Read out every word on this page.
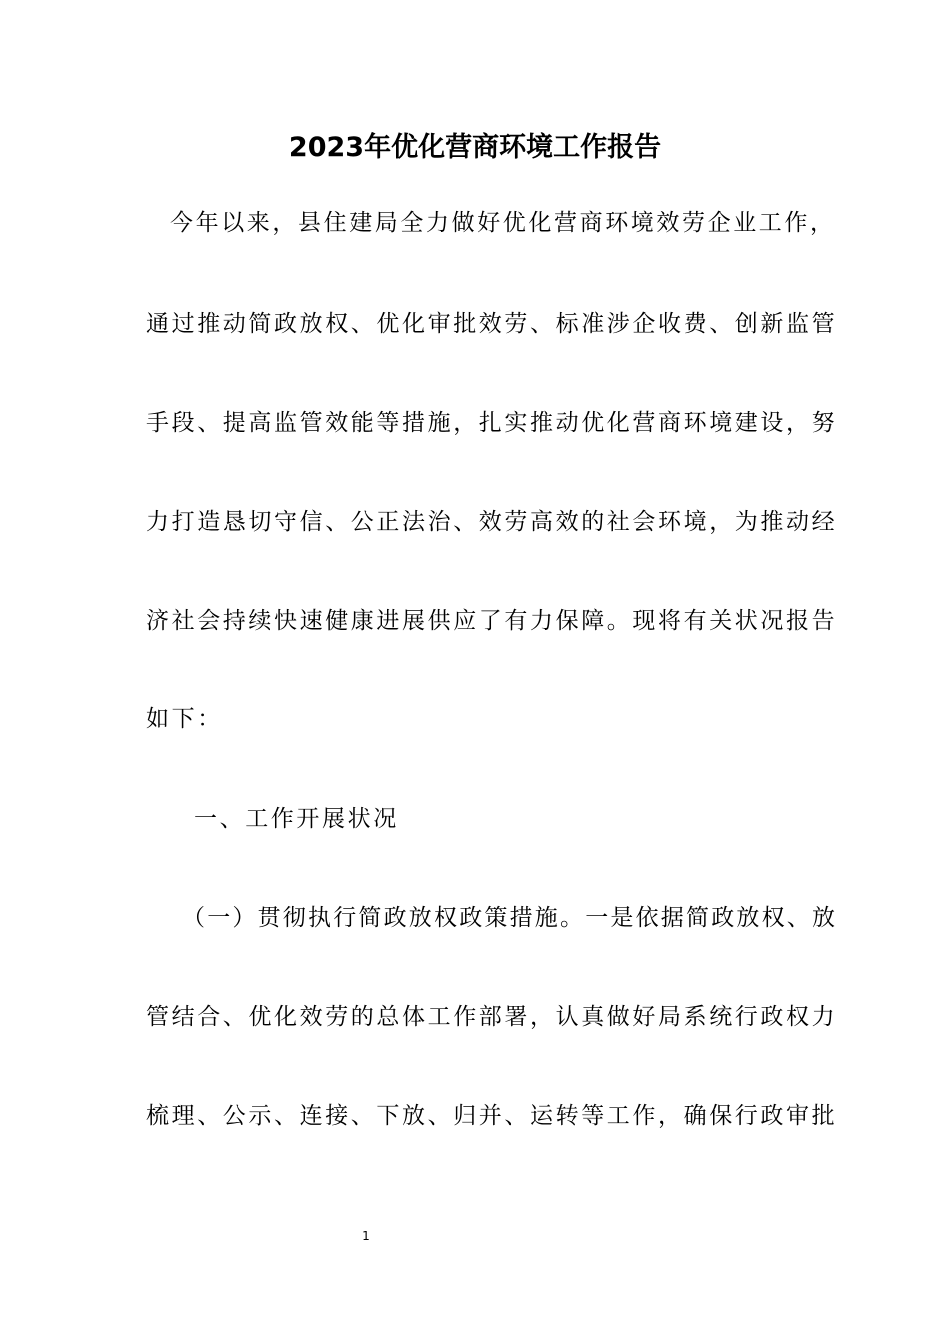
2023年优化营商环境工作报告
今年以来，县住建局全力做好优化营商环境效劳企业工作，
通过推动简政放权、优化审批效劳、标准涉企收费、创新监管
手段、提高监管效能等措施，扎实推动优化营商环境建设，努
力打造恳切守信、公正法治、效劳高效的社会环境，为推动经
济社会持续快速健康进展供应了有力保障。现将有关状况报告
如下：
一、工作开展状况
（一）贯彻执行简政放权政策措施。一是依据简政放权、放
管结合、优化效劳的总体工作部署，认真做好局系统行政权力
梳理、公示、连接、下放、归并、运转等工作，确保行政审批
1
